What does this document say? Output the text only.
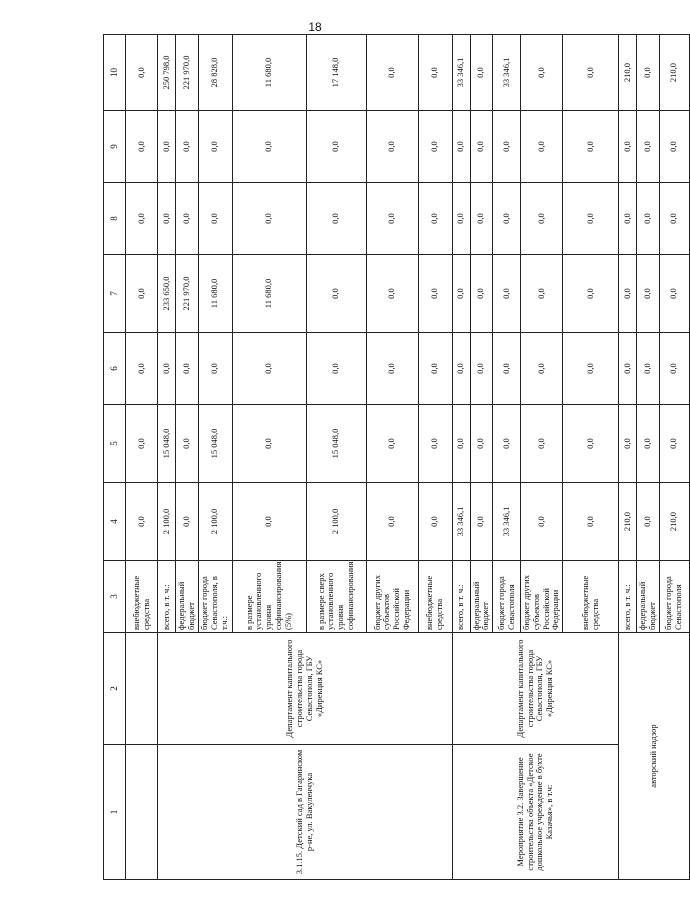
18
1	2	3	4	5	6	7	8	9	10
		внебюджетные средства	0,0	0,0	0,0	0,0	0,0	0,0	0,0
3.1.15. Детский сад в Гагаринском р-не, ул. Вакуленчука	Департамент капитального строительства города Севастополя, ГБУ «Дирекция КС»	всего, в т. ч.:	2 100,0	15 048,0	0,0	233 650,0	0,0	0,0	250 798,0
		федеральный бюджет	0,0	0,0	0,0	221 970,0	0,0	0,0	221 970,0
		бюджет города Севастополя, в т.ч.:	2 100,0	15 048,0	0,0	11 680,0	0,0	0,0	28 828,0
		в размере установленного уровня софинансирования (5%)	0,0	0,0	0,0	11 680,0	0,0	0,0	11 680,0
		в размере сверх установленного уровня софинансирования	2 100,0	15 048,0	0,0	0,0	0,0	0,0	17 148,0
		бюджет других субъектов Российской Федерации	0,0	0,0	0,0	0,0	0,0	0,0	0,0
		внебюджетные средства	0,0	0,0	0,0	0,0	0,0	0,0	0,0
Мероприятие 3.2. Завершение строительства объекта «Детское дошкольное учреждение в бухте Казачья», в т.ч:	Департамент капитального строительства города Севастополя, ГБУ «Дирекция КС»	всего, в т. ч.:	33 346,1	0,0	0,0	0,0	0,0	0,0	33 346,1
		федеральный бюджет	0,0	0,0	0,0	0,0	0,0	0,0	0,0
		бюджет города Севастополя	33 346,1	0,0	0,0	0,0	0,0	0,0	33 346,1
		бюджет других субъектов Российской Федерации	0,0	0,0	0,0	0,0	0,0	0,0	0,0
		внебюджетные средства	0,0	0,0	0,0	0,0	0,0	0,0	0,0
авторский надзор		всего, в т. ч.:	210,0	0,0	0,0	0,0	0,0	0,0	210,0
		федеральный бюджет	0,0	0,0	0,0	0,0	0,0	0,0	0,0
		бюджет города Севастополя	210,0	0,0	0,0	0,0	0,0	0,0	210,0
